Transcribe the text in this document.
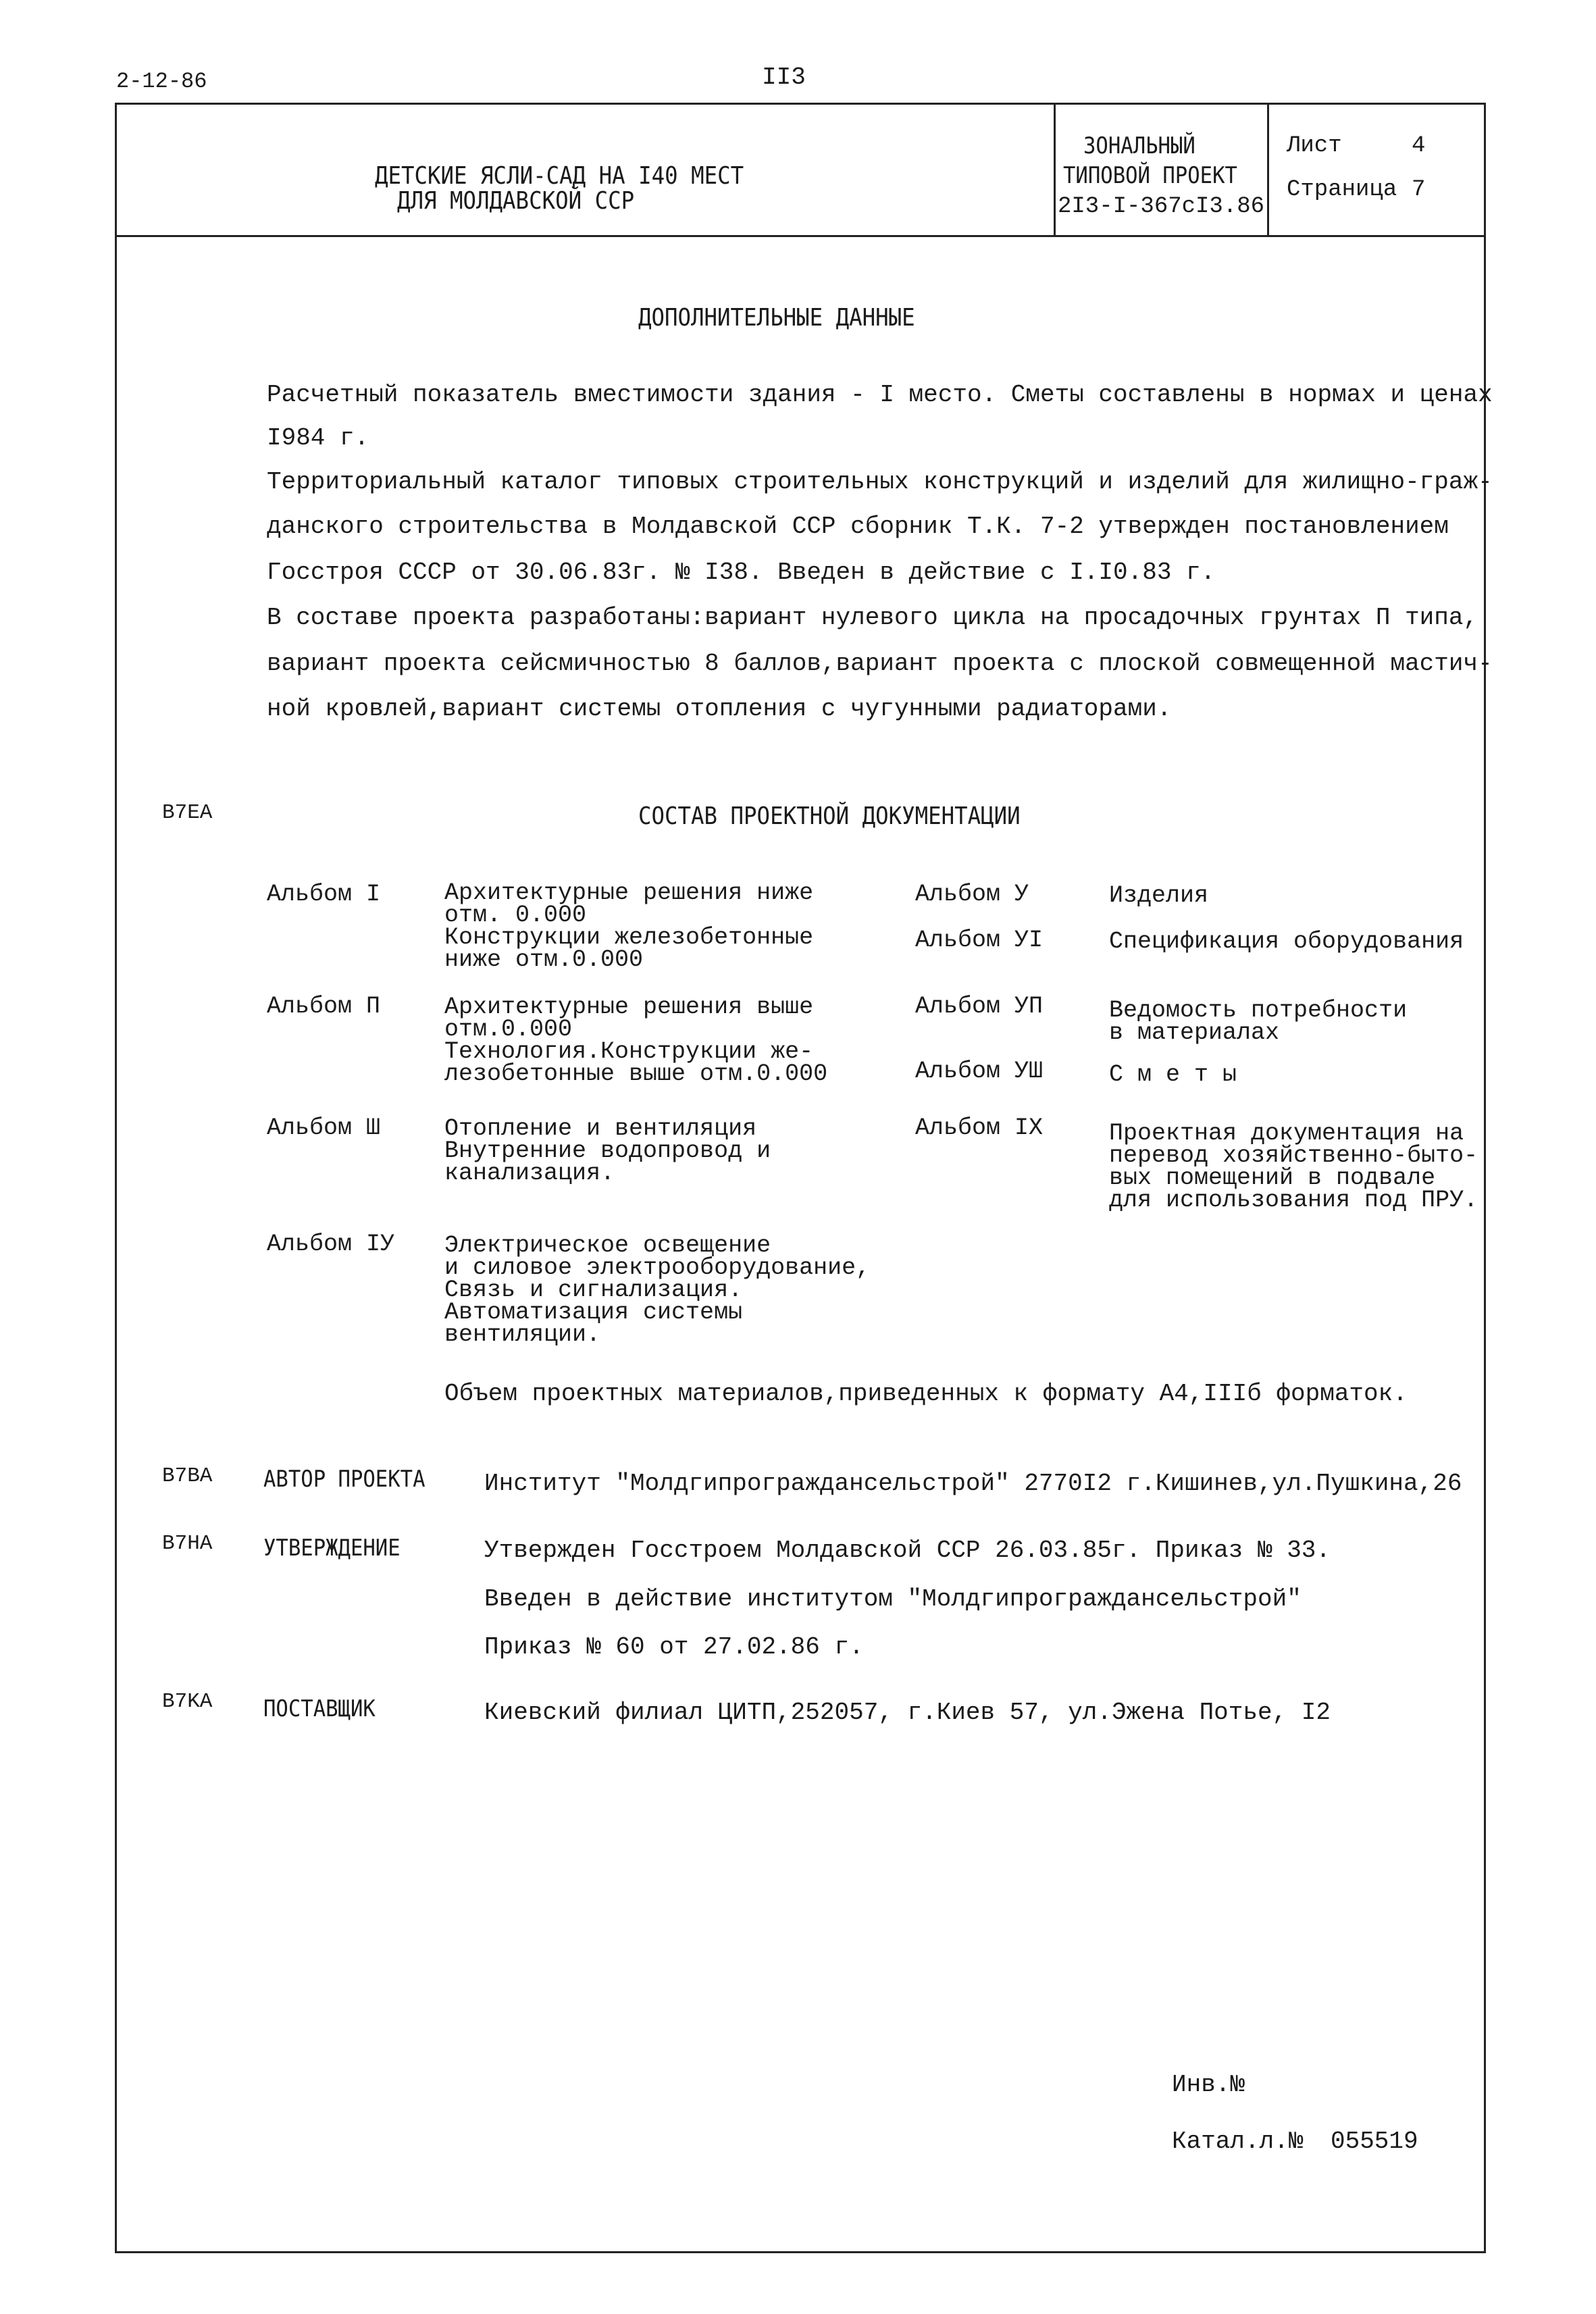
2-12-86	II3
ДЕТСКИЕ ЯСЛИ-САД НА I40 МЕСТ
ДЛЯ МОЛДАВСКОЙ ССР
ЗОНАЛЬНЫЙ
ТИПОВОЙ ПРОЕКТ
2I3-I-367cI3.86
Лист	4
Страница 7
ДОПОЛНИТЕЛЬНЫЕ ДАННЫЕ
Расчетный показатель вместимости здания - I место. Сметы составлены в нормах и ценах
I984 г.
Территориальный каталог типовых строительных конструкций и изделий для жилищно-граж-
данского строительства в Молдавской ССР сборник Т.К. 7-2 утвержден постановлением
Госстроя СССР от 30.06.83г. № I38. Введен в действие с I.I0.83 г.
В составе проекта разработаны:вариант нулевого цикла на просадочных грунтах П типа,
вариант проекта сейсмичностью 8 баллов,вариант проекта с плоской совмещенной мастич-
ной кровлей,вариант системы отопления с чугунными радиаторами.
B7EA	СОСТАВ ПРОЕКТНОЙ ДОКУМЕНТАЦИИ
Альбом I	Архитектурные решения ниже
отм. 0.000
Конструкции железобетонные
ниже отм.0.000
Альбом П	Архитектурные решения выше
отм.0.000
Технология.Конструкции же-
лезобетонные выше отм.0.000
Альбом Ш	Отопление и вентиляция
Внутренние водопровод и
канализация.
Альбом IУ Электрическое освещение
и силовое электрооборудование,
Связь и сигнализация.
Автоматизация системы
вентиляции.
Альбом У	Изделия
Альбом УI	Спецификация оборудования
Альбом УП	Ведомость потребности
в материалах
Альбом УШ	С м е т ы
Альбом IX	Проектная документация на
перевод хозяйственно-быто-
вых помещений в подвале
для использования под ПРУ.
Объем проектных материалов,приведенных к формату А4,IIIб форматок.
B7BA АВТОР ПРОЕКТА Институт "Молдгипрограждансельстрой" 2770I2 г.Кишинев,ул.Пушкина,26
B7HA УТВЕРЖДЕНИЕ	Утвержден Госстроем Молдавской ССР 26.03.85г. Приказ № 33.
Введен в действие институтом "Молдгипрограждансельстрой"
Приказ № 60 от 27.02.86 г.
B7KA ПОСТАВЩИК	Киевский филиал ЦИТП,252057, г.Киев 57, ул.Эжена Потье, I2
Инв.№
Катал.л.№ 055519
